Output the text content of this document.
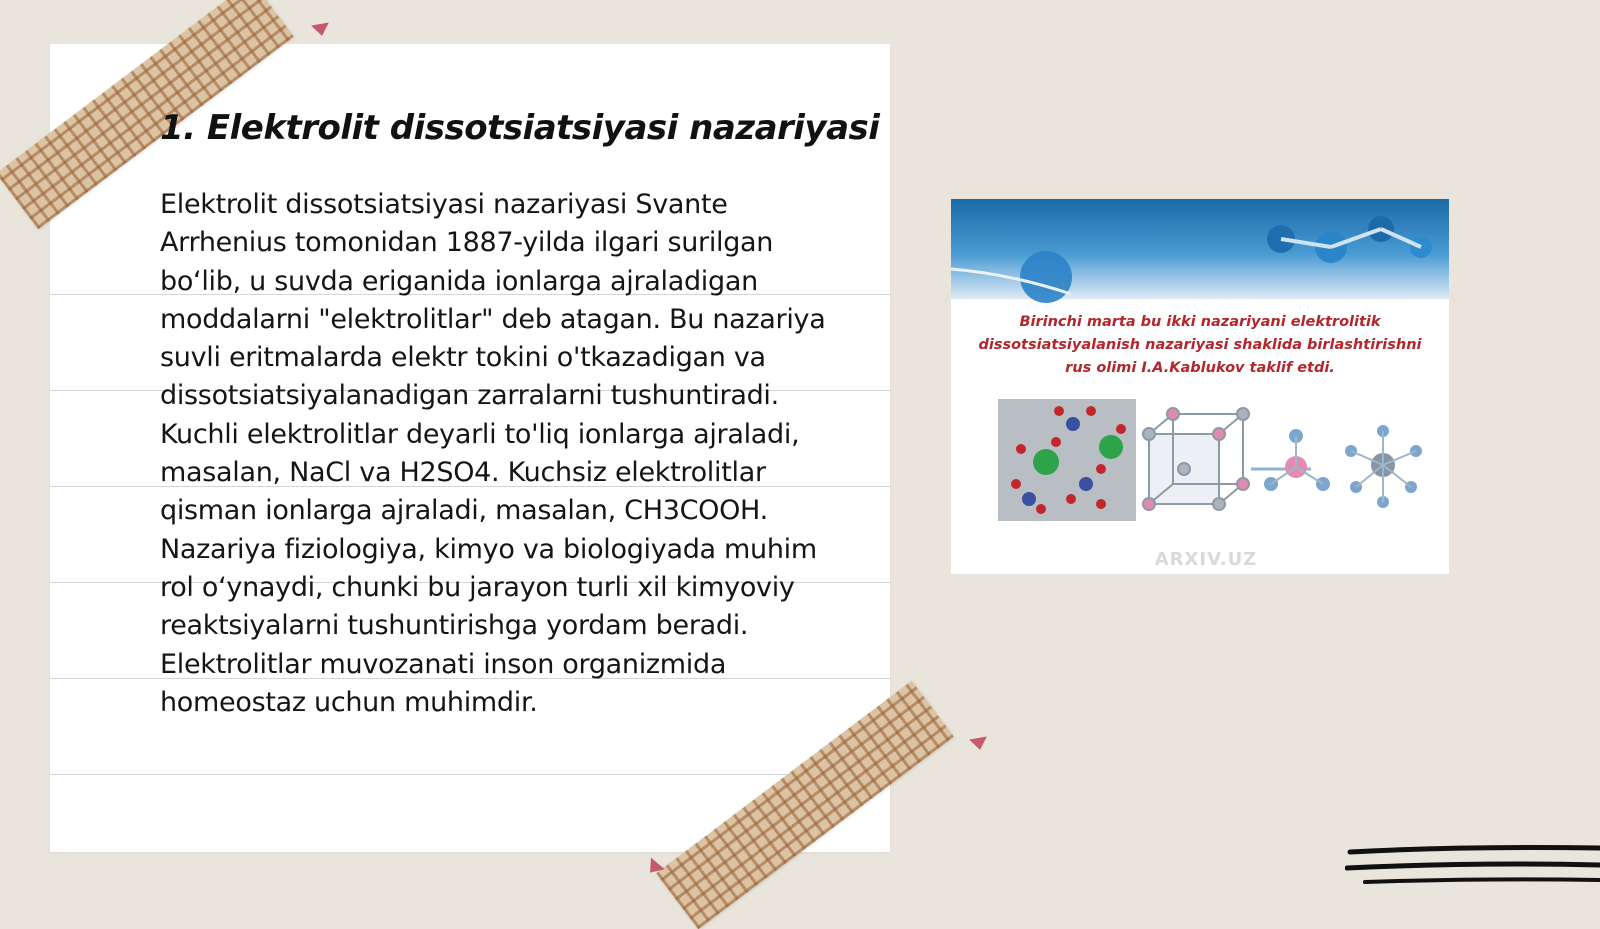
1. Elektrolit dissotsiatsiyasi nazariyasi

Elektrolit dissotsiatsiyasi nazariyasi Svante Arrhenius tomonidan 1887-yilda ilgari surilgan bo‘lib, u suvda eriganida ionlarga ajraladigan moddalarni "elektrolitlar" deb atagan. Bu nazariya suvli eritmalarda elektr tokini o'tkazadigan va dissotsiatsiyalanadigan zarralarni tushuntiradi. Kuchli elektrolitlar deyarli to'liq ionlarga ajraladi, masalan, NaCl va H2SO4. Kuchsiz elektrolitlar qisman ionlarga ajraladi, masalan, CH3COOH. Nazariya fiziologiya, kimyo va biologiyada muhim rol o‘ynaydi, chunki bu jarayon turli xil kimyoviy reaktsiyalarni tushuntirishga yordam beradi. Elektrolitlar muvozanati inson organizmida homeostaz uchun muhimdir.

Birinchi marta bu ikki nazariyani elektrolitik dissotsiatsiyalanish nazariyasi shaklida birlashtirishni rus olimi I.A.Kablukov taklif etdi.

ARXIV.UZ
